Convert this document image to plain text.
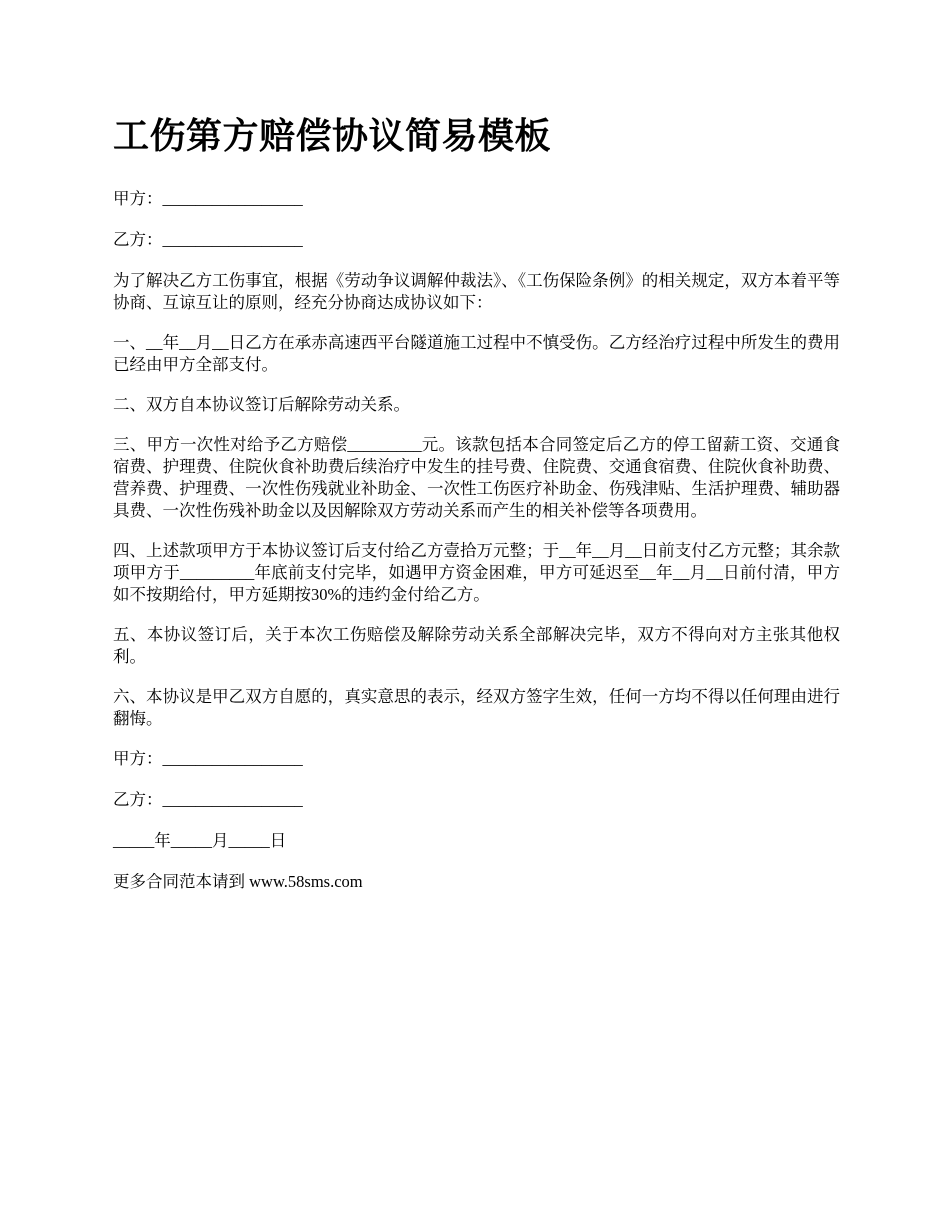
工伤第方赔偿协议简易模板

甲方：_________________

乙方：_________________

为了解决乙方工伤事宜，根据《劳动争议调解仲裁法》、《工伤保险条例》的相关规定，双方本着平等协商、互谅互让的原则，经充分协商达成协议如下：

一、__年__月__日乙方在承赤高速西平台隧道施工过程中不慎受伤。乙方经治疗过程中所发生的费用已经由甲方全部支付。

二、双方自本协议签订后解除劳动关系。

三、甲方一次性对给予乙方赔偿_________元。该款包括本合同签定后乙方的停工留薪工资、交通食宿费、护理费、住院伙食补助费后续治疗中发生的挂号费、住院费、交通食宿费、住院伙食补助费、营养费、护理费、一次性伤残就业补助金、一次性工伤医疗补助金、伤残津贴、生活护理费、辅助器具费、一次性伤残补助金以及因解除双方劳动关系而产生的相关补偿等各项费用。

四、上述款项甲方于本协议签订后支付给乙方壹拾万元整；于__年__月__日前支付乙方元整；其余款项甲方于_________年底前支付完毕，如遇甲方资金困难，甲方可延迟至__年__月__日前付清，甲方如不按期给付，甲方延期按30%的违约金付给乙方。

五、本协议签订后，关于本次工伤赔偿及解除劳动关系全部解决完毕，双方不得向对方主张其他权利。

六、本协议是甲乙双方自愿的，真实意思的表示，经双方签字生效，任何一方均不得以任何理由进行翻悔。

甲方：_________________

乙方：_________________

_____年_____月_____日

更多合同范本请到 www.58sms.com
